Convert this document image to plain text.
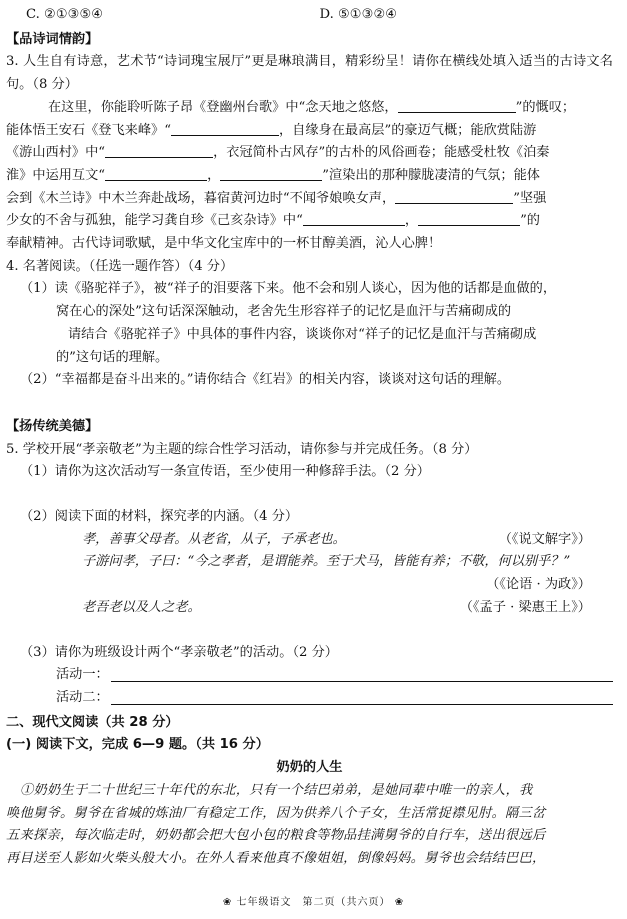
C. ②①③⑤④	D. ⑤①③②④
【品诗词情韵】

3. 人生自有诗意，艺术节“诗词瑰宝展厅”更是琳琅满目，精彩纷呈！请你在横线处填入适当的古诗文名句。（8 分）

在这里，你能聆听陈子昂《登幽州台歌》中“念天地之悠悠，	”的慨叹；

能体悟王安石《登飞来峰》“	，自缘身在最高层”的豪迈气概；能欣赏陆游

《游山西村》中“	，衣冠简朴古风存”的古朴的风俗画卷；能感受杜牧《泊秦

淮》中运用互文“	，	”渲染出的那种朦胧凄清的气氛；能体

会到《木兰诗》中木兰奔赴战场，暮宿黄河边时“不闻爷娘唤女声，	”坚强

少女的不舍与孤独，能学习龚自珍《己亥杂诗》中“	，	”的

奉献精神。古代诗词歌赋，是中华文化宝库中的一杯甘醇美酒，沁人心脾！

4. 名著阅读。（任选一题作答）（4 分）

（1）读《骆驼祥子》，被“祥子的泪要落下来。他不会和别人谈心，因为他的话都是血做的，

窝在心的深处”这句话深深触动，老舍先生形容祥子的记忆是血汗与苦痛砌成的

请结合《骆驼祥子》中具体的事件内容，谈谈你对“祥子的记忆是血汗与苦痛砌成

的”这句话的理解。

（2）“幸福都是奋斗出来的。”请你结合《红岩》的相关内容，谈谈对这句话的理解。

【扬传统美德】

5. 学校开展“孝亲敬老”为主题的综合性学习活动，请你参与并完成任务。（8 分）

（1）请你为这次活动写一条宣传语，至少使用一种修辞手法。（2 分）

（2）阅读下面的材料，探究孝的内涵。（4 分）

孝，善事父母者。从老省，从子，子承老也。	（《说文解字》）
子游问孝，子曰：“今之孝者，是谓能养。至于犬马，皆能有养；不敬，何以别乎？”
（《论语 · 为政》）
老吾老以及人之老。	（《孟子 · 梁惠王上》）

（3）请你为班级设计两个“孝亲敬老”的活动。（2 分）

活动一：
活动二：
二、现代文阅读（共 28 分）
(一) 阅读下文，完成 6—9 题。（共 16 分）
奶奶的人生

①奶奶生于二十世纪三十年代的东北，只有一个结巴弟弟，是她同辈中唯一的亲人，我

唤他舅爷。舅爷在省城的炼油厂有稳定工作，因为供养八个子女，生活常捉襟见肘。隔三岔

五来探亲，每次临走时，奶奶都会把大包小包的粮食等物品挂满舅爷的自行车，送出很远后

再目送至人影如火柴头般大小。在外人看来他真不像姐姐，倒像妈妈。舅爷也会结结巴巴，

❀ 七年级语文　第二页（共六页） ❀
